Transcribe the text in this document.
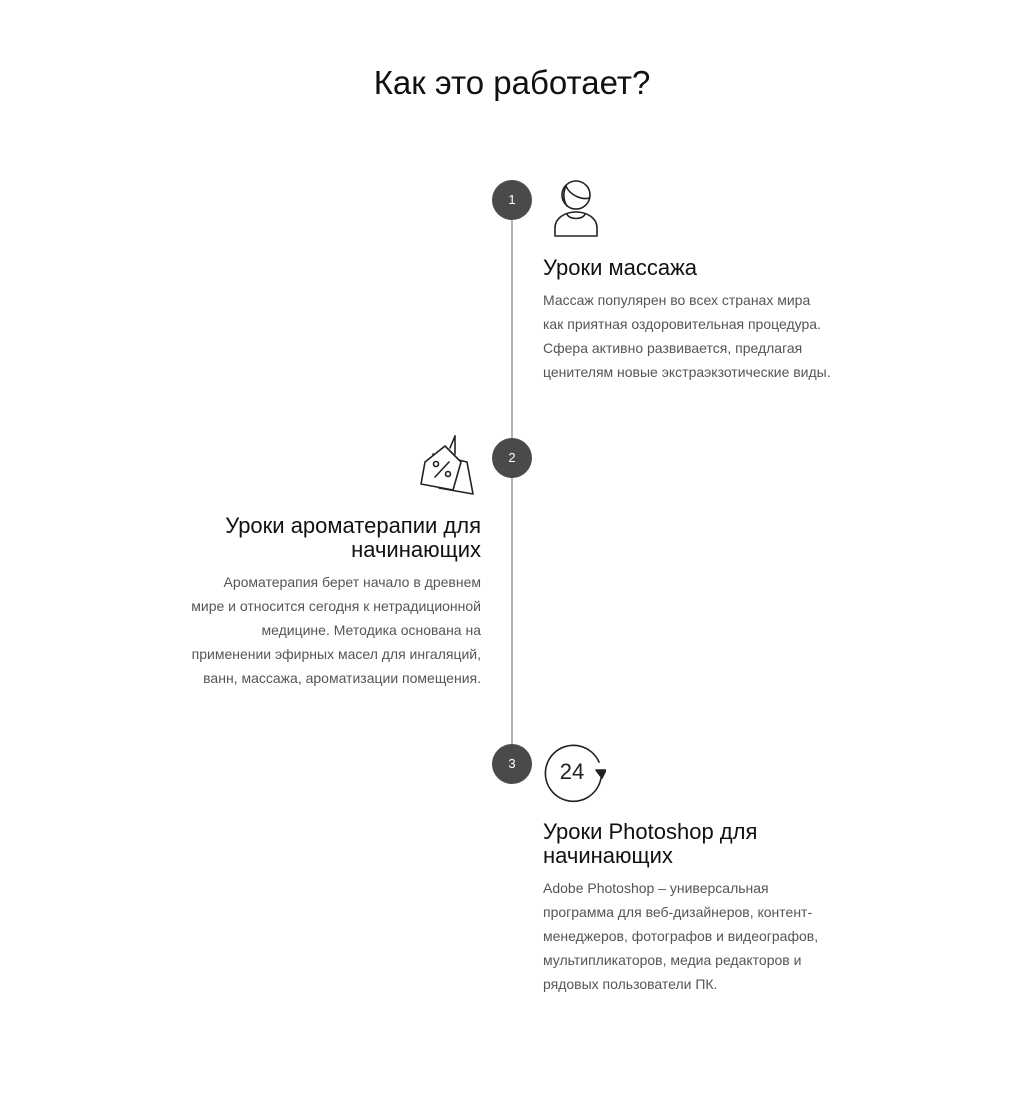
Как это работает?
1
Уроки массажа

Массаж популярен во всех странах мира как приятная оздоровительная процедура. Сфера активно развивается, предлагая ценителям новые экстраэкзотические виды.

2
Уроки ароматерапии для начинающих

Ароматерапия берет начало в древнем мире и относится сегодня к нетрадиционной медицине. Методика основана на применении эфирных масел для ингаляций, ванн, массажа, ароматизации помещения.

3	24
Уроки Photoshop для начинающих

Adobe Photoshop – универсальная программа для веб-дизайнеров, контент-менеджеров, фотографов и видеографов, мультипликаторов, медиа редакторов и рядовых пользователи ПК.
